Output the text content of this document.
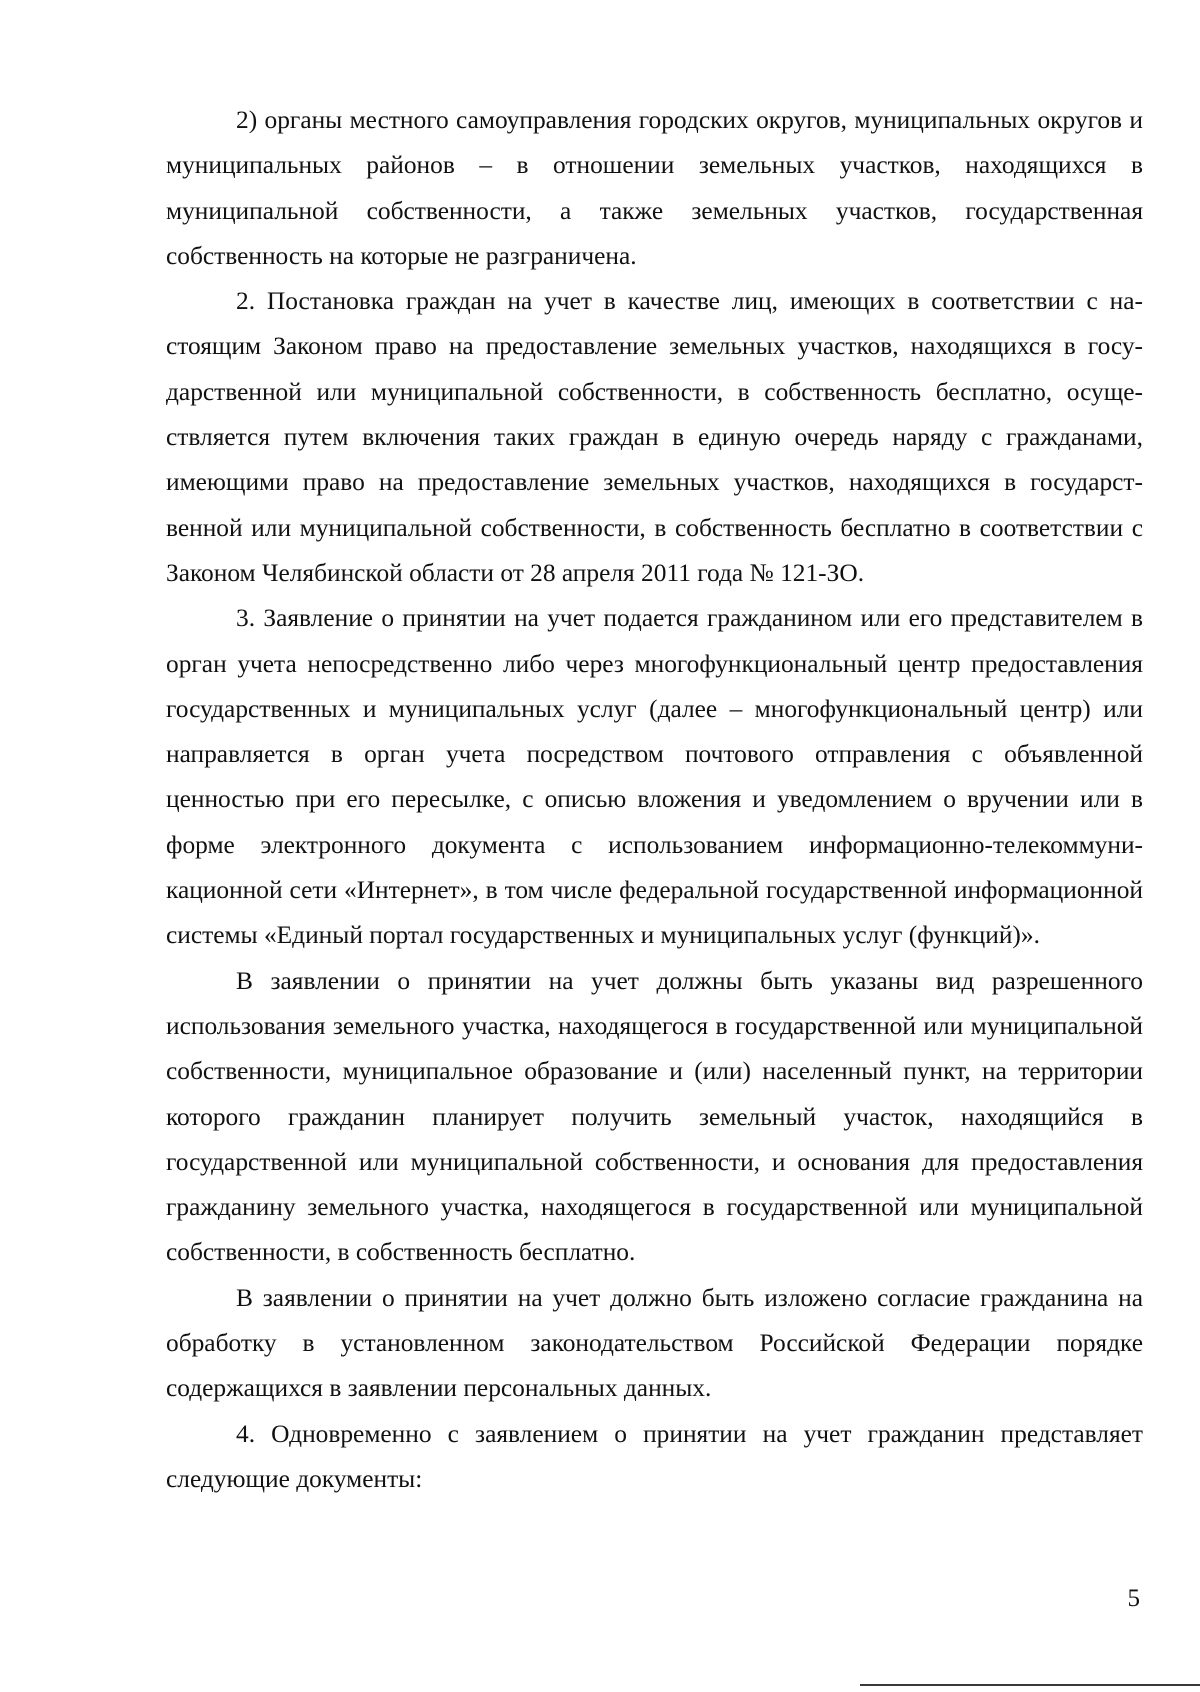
2) органы местного самоуправления городских округов, муниципальных округов и муниципальных районов – в отношении земельных участков, находящихся в муниципальной собственности, а также земельных участков, государственная собственность на которые не разграничена.

2. Постановка граждан на учет в качестве лиц, имеющих в соответствии с настоящим Законом право на предоставление земельных участков, находящихся в государственной или муниципальной собственности, в собственность бесплатно, осуществляется путем включения таких граждан в единую очередь наряду с гражданами, имеющими право на предоставление земельных участков, находящихся в государственной или муниципальной собственности, в собственность бесплатно в соответствии с Законом Челябинской области от 28 апреля 2011 года № 121-ЗО.

3. Заявление о принятии на учет подается гражданином или его представителем в орган учета непосредственно либо через многофункциональный центр предоставления государственных и муниципальных услуг (далее – многофункциональный центр) или направляется в орган учета посредством почтового отправления с объявленной ценностью при его пересылке, с описью вложения и уведомлением о вручении или в форме электронного документа с использованием информационно-телекоммуникационной сети «Интернет», в том числе федеральной государственной информационной системы «Единый портал государственных и муниципальных услуг (функций)».

В заявлении о принятии на учет должны быть указаны вид разрешенного использования земельного участка, находящегося в государственной или муниципальной собственности, муниципальное образование и (или) населенный пункт, на территории которого гражданин планирует получить земельный участок, находящийся в государственной или муниципальной собственности, и основания для предоставления гражданину земельного участка, находящегося в государственной или муниципальной собственности, в собственность бесплатно.

В заявлении о принятии на учет должно быть изложено согласие гражданина на обработку в установленном законодательством Российской Федерации порядке содержащихся в заявлении персональных данных.

4. Одновременно с заявлением о принятии на учет гражданин представляет следующие документы:

5
